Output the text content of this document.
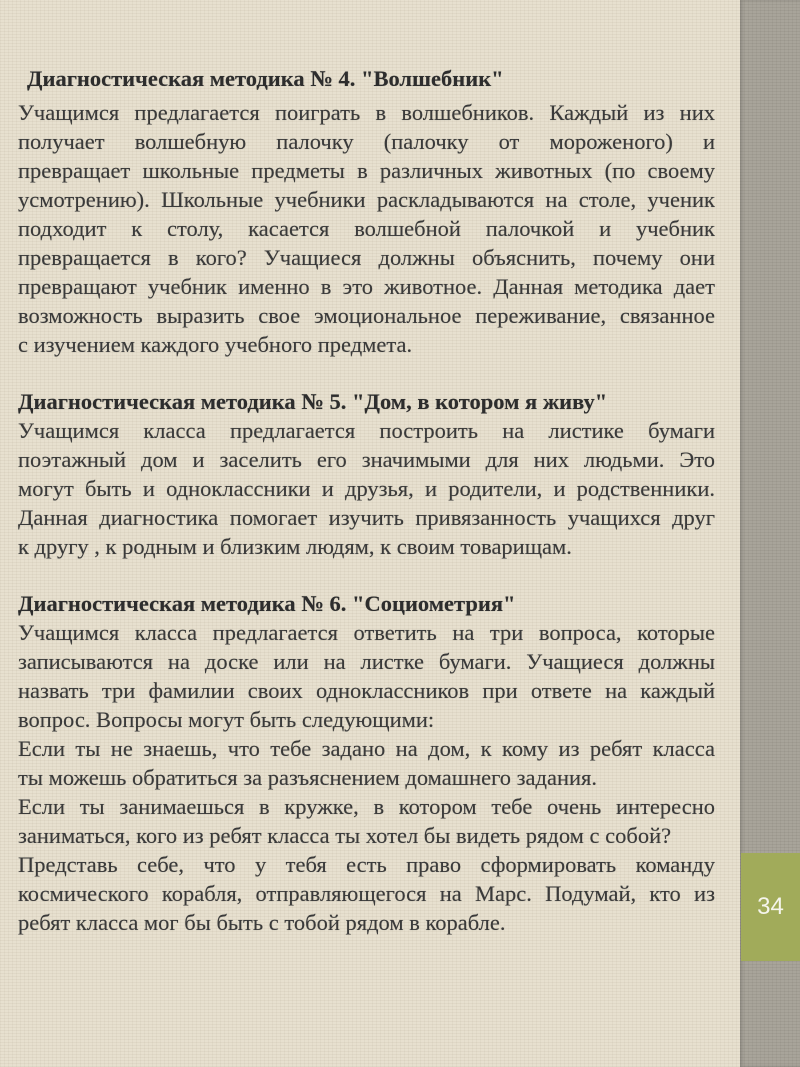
Диагностическая методика № 4. "Волшебник"
Учащимся предлагается поиграть в волшебников. Каждый из них
получает волшебную палочку (палочку от мороженого) и
превращает школьные предметы в различных животных (по своему
усмотрению). Школьные учебники раскладываются на столе, ученик
подходит к столу, касается волшебной палочкой и учебник
превращается в кого? Учащиеся должны объяснить, почему они
превращают учебник именно в это животное. Данная методика дает
возможность выразить свое эмоциональное переживание, связанное
с изучением каждого учебного предмета.
Диагностическая методика № 5. "Дом, в котором я живу"
Учащимся класса предлагается построить на листике бумаги
поэтажный дом и заселить его значимыми для них людьми. Это
могут быть и одноклассники и друзья, и родители, и родственники.
Данная диагностика помогает изучить привязанность учащихся друг
к другу , к родным и близким людям, к своим товарищам.
Диагностическая методика № 6. "Социометрия"
Учащимся класса предлагается ответить на три вопроса, которые
записываются на доске или на листке бумаги. Учащиеся должны
назвать три фамилии своих одноклассников при ответе на каждый
вопрос. Вопросы могут быть следующими:
Если ты не знаешь, что тебе задано на дом, к кому из ребят класса
ты можешь обратиться за разъяснением домашнего задания.
Если ты занимаешься в кружке, в котором тебе очень интересно
заниматься, кого из ребят класса ты хотел бы видеть рядом с собой?
Представь себе, что у тебя есть право сформировать команду
космического корабля, отправляющегося на Марс. Подумай, кто из
ребят класса мог бы быть с тобой рядом в корабле.
34
